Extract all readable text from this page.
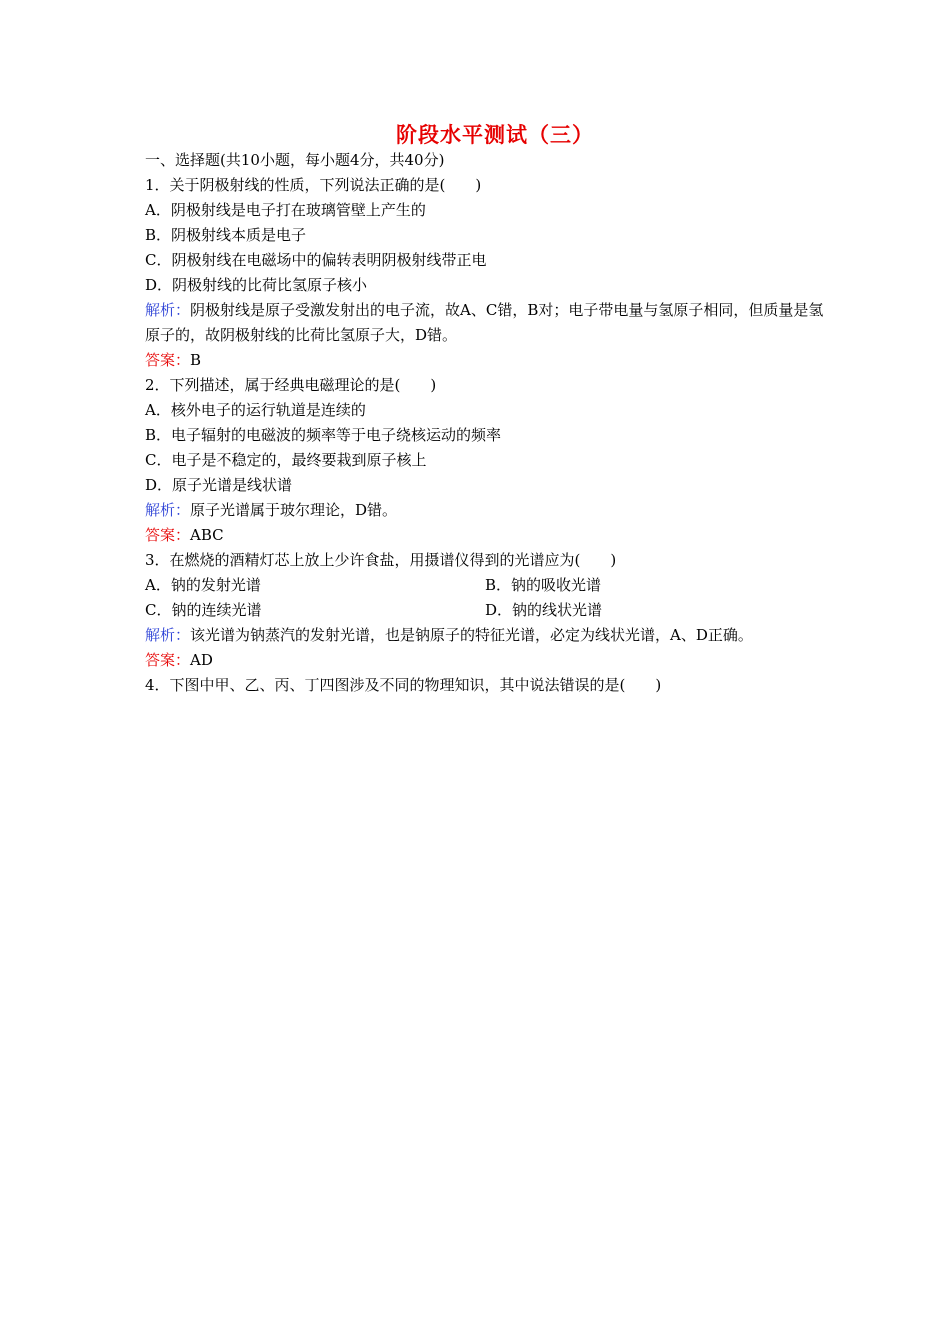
阶段水平测试（三）
一、选择题(共10小题，每小题4分，共40分)
1．关于阴极射线的性质，下列说法正确的是(　　)
A．阴极射线是电子打在玻璃管壁上产生的
B．阴极射线本质是电子
C．阴极射线在电磁场中的偏转表明阴极射线带正电
D．阴极射线的比荷比氢原子核小
解析：阴极射线是原子受激发射出的电子流，故A、C错，B对；电子带电量与氢原子相同，但质量是氢原子的，故阴极射线的比荷比氢原子大，D错。
答案：B
2．下列描述，属于经典电磁理论的是(　　)
A．核外电子的运行轨道是连续的
B．电子辐射的电磁波的频率等于电子绕核运动的频率
C．电子是不稳定的，最终要栽到原子核上
D．原子光谱是线状谱
解析：原子光谱属于玻尔理论，D错。
答案：ABC
3．在燃烧的酒精灯芯上放上少许食盐，用摄谱仪得到的光谱应为(　　)
A．钠的发射光谱	B．钠的吸收光谱
C．钠的连续光谱	D．钠的线状光谱
解析：该光谱为钠蒸汽的发射光谱，也是钠原子的特征光谱，必定为线状光谱，A、D正确。
答案：AD
4．下图中甲、乙、丙、丁四图涉及不同的物理知识，其中说法错误的是(　　)
